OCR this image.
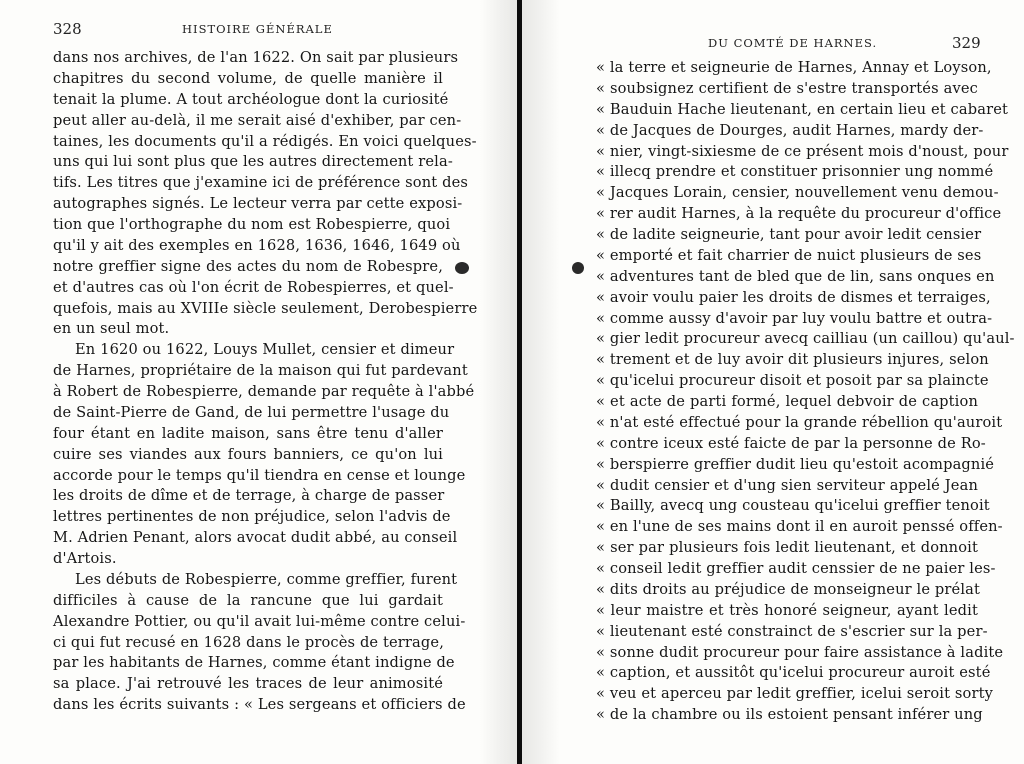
328	HISTOIRE GÉNÉRALE
dans nos archives, de l'an 1622. On sait par plusieurs
chapitres du second volume, de quelle manière il
tenait la plume. A tout archéologue dont la curiosité
peut aller au-delà, il me serait aisé d'exhiber, par cen-
taines, les documents qu'il a rédigés. En voici quelques-
uns qui lui sont plus que les autres directement rela-
tifs. Les titres que j'examine ici de préférence sont des
autographes signés. Le lecteur verra par cette exposi-
tion que l'orthographe du nom est Robespierre, quoi
qu'il y ait des exemples en 1628, 1636, 1646, 1649 où
notre greffier signe des actes du nom de Robespre,
et d'autres cas où l'on écrit de Robespierres, et quel-
quefois, mais au XVIIIe siècle seulement, Derobespierre
en un seul mot.
En 1620 ou 1622, Louys Mullet, censier et dimeur
de Harnes, propriétaire de la maison qui fut pardevant
à Robert de Robespierre, demande par requête à l'abbé
de Saint-Pierre de Gand, de lui permettre l'usage du
four étant en ladite maison, sans être tenu d'aller
cuire ses viandes aux fours banniers, ce qu'on lui
accorde pour le temps qu'il tiendra en cense et lounge
les droits de dîme et de terrage, à charge de passer
lettres pertinentes de non préjudice, selon l'advis de
M. Adrien Penant, alors avocat dudit abbé, au conseil
d'Artois.
Les débuts de Robespierre, comme greffier, furent
difficiles à cause de la rancune que lui gardait
Alexandre Pottier, ou qu'il avait lui-même contre celui-
ci qui fut recusé en 1628 dans le procès de terrage,
par les habitants de Harnes, comme étant indigne de
sa place. J'ai retrouvé les traces de leur animosité
dans les écrits suivants : « Les sergeans et officiers de
DU COMTÉ DE HARNES.	329
« la terre et seigneurie de Harnes, Annay et Loyson,
« soubsignez certifient de s'estre transportés avec
« Bauduin Hache lieutenant, en certain lieu et cabaret
« de Jacques de Dourges, audit Harnes, mardy der-
« nier, vingt-sixiesme de ce présent mois d'noust, pour
« illecq prendre et constituer prisonnier ung nommé
« Jacques Lorain, censier, nouvellement venu demou-
« rer audit Harnes, à la requête du procureur d'office
« de ladite seigneurie, tant pour avoir ledit censier
« emporté et fait charrier de nuict plusieurs de ses
« adventures tant de bled que de lin, sans onques en
« avoir voulu paier les droits de dismes et terraiges,
« comme aussy d'avoir par luy voulu battre et outra-
« gier ledit procureur avecq cailliau (un caillou) qu'aul-
« trement et de luy avoir dit plusieurs injures, selon
« qu'icelui procureur disoit et posoit par sa plaincte
« et acte de parti formé, lequel debvoir de caption
« n'at esté effectué pour la grande rébellion qu'auroit
« contre iceux esté faicte de par la personne de Ro-
« berspierre greffier dudit lieu qu'estoit acompagnié
« dudit censier et d'ung sien serviteur appelé Jean
« Bailly, avecq ung cousteau qu'icelui greffier tenoit
« en l'une de ses mains dont il en auroit penssé offen-
« ser par plusieurs fois ledit lieutenant, et donnoit
« conseil ledit greffier audit censsier de ne paier les-
« dits droits au préjudice de monseigneur le prélat
« leur maistre et très honoré seigneur, ayant ledit
« lieutenant esté constrainct de s'escrier sur la per-
« sonne dudit procureur pour faire assistance à ladite
« caption, et aussitôt qu'icelui procureur auroit esté
« veu et aperceu par ledit greffier, icelui seroit sorty
« de la chambre ou ils estoient pensant inférer ung
